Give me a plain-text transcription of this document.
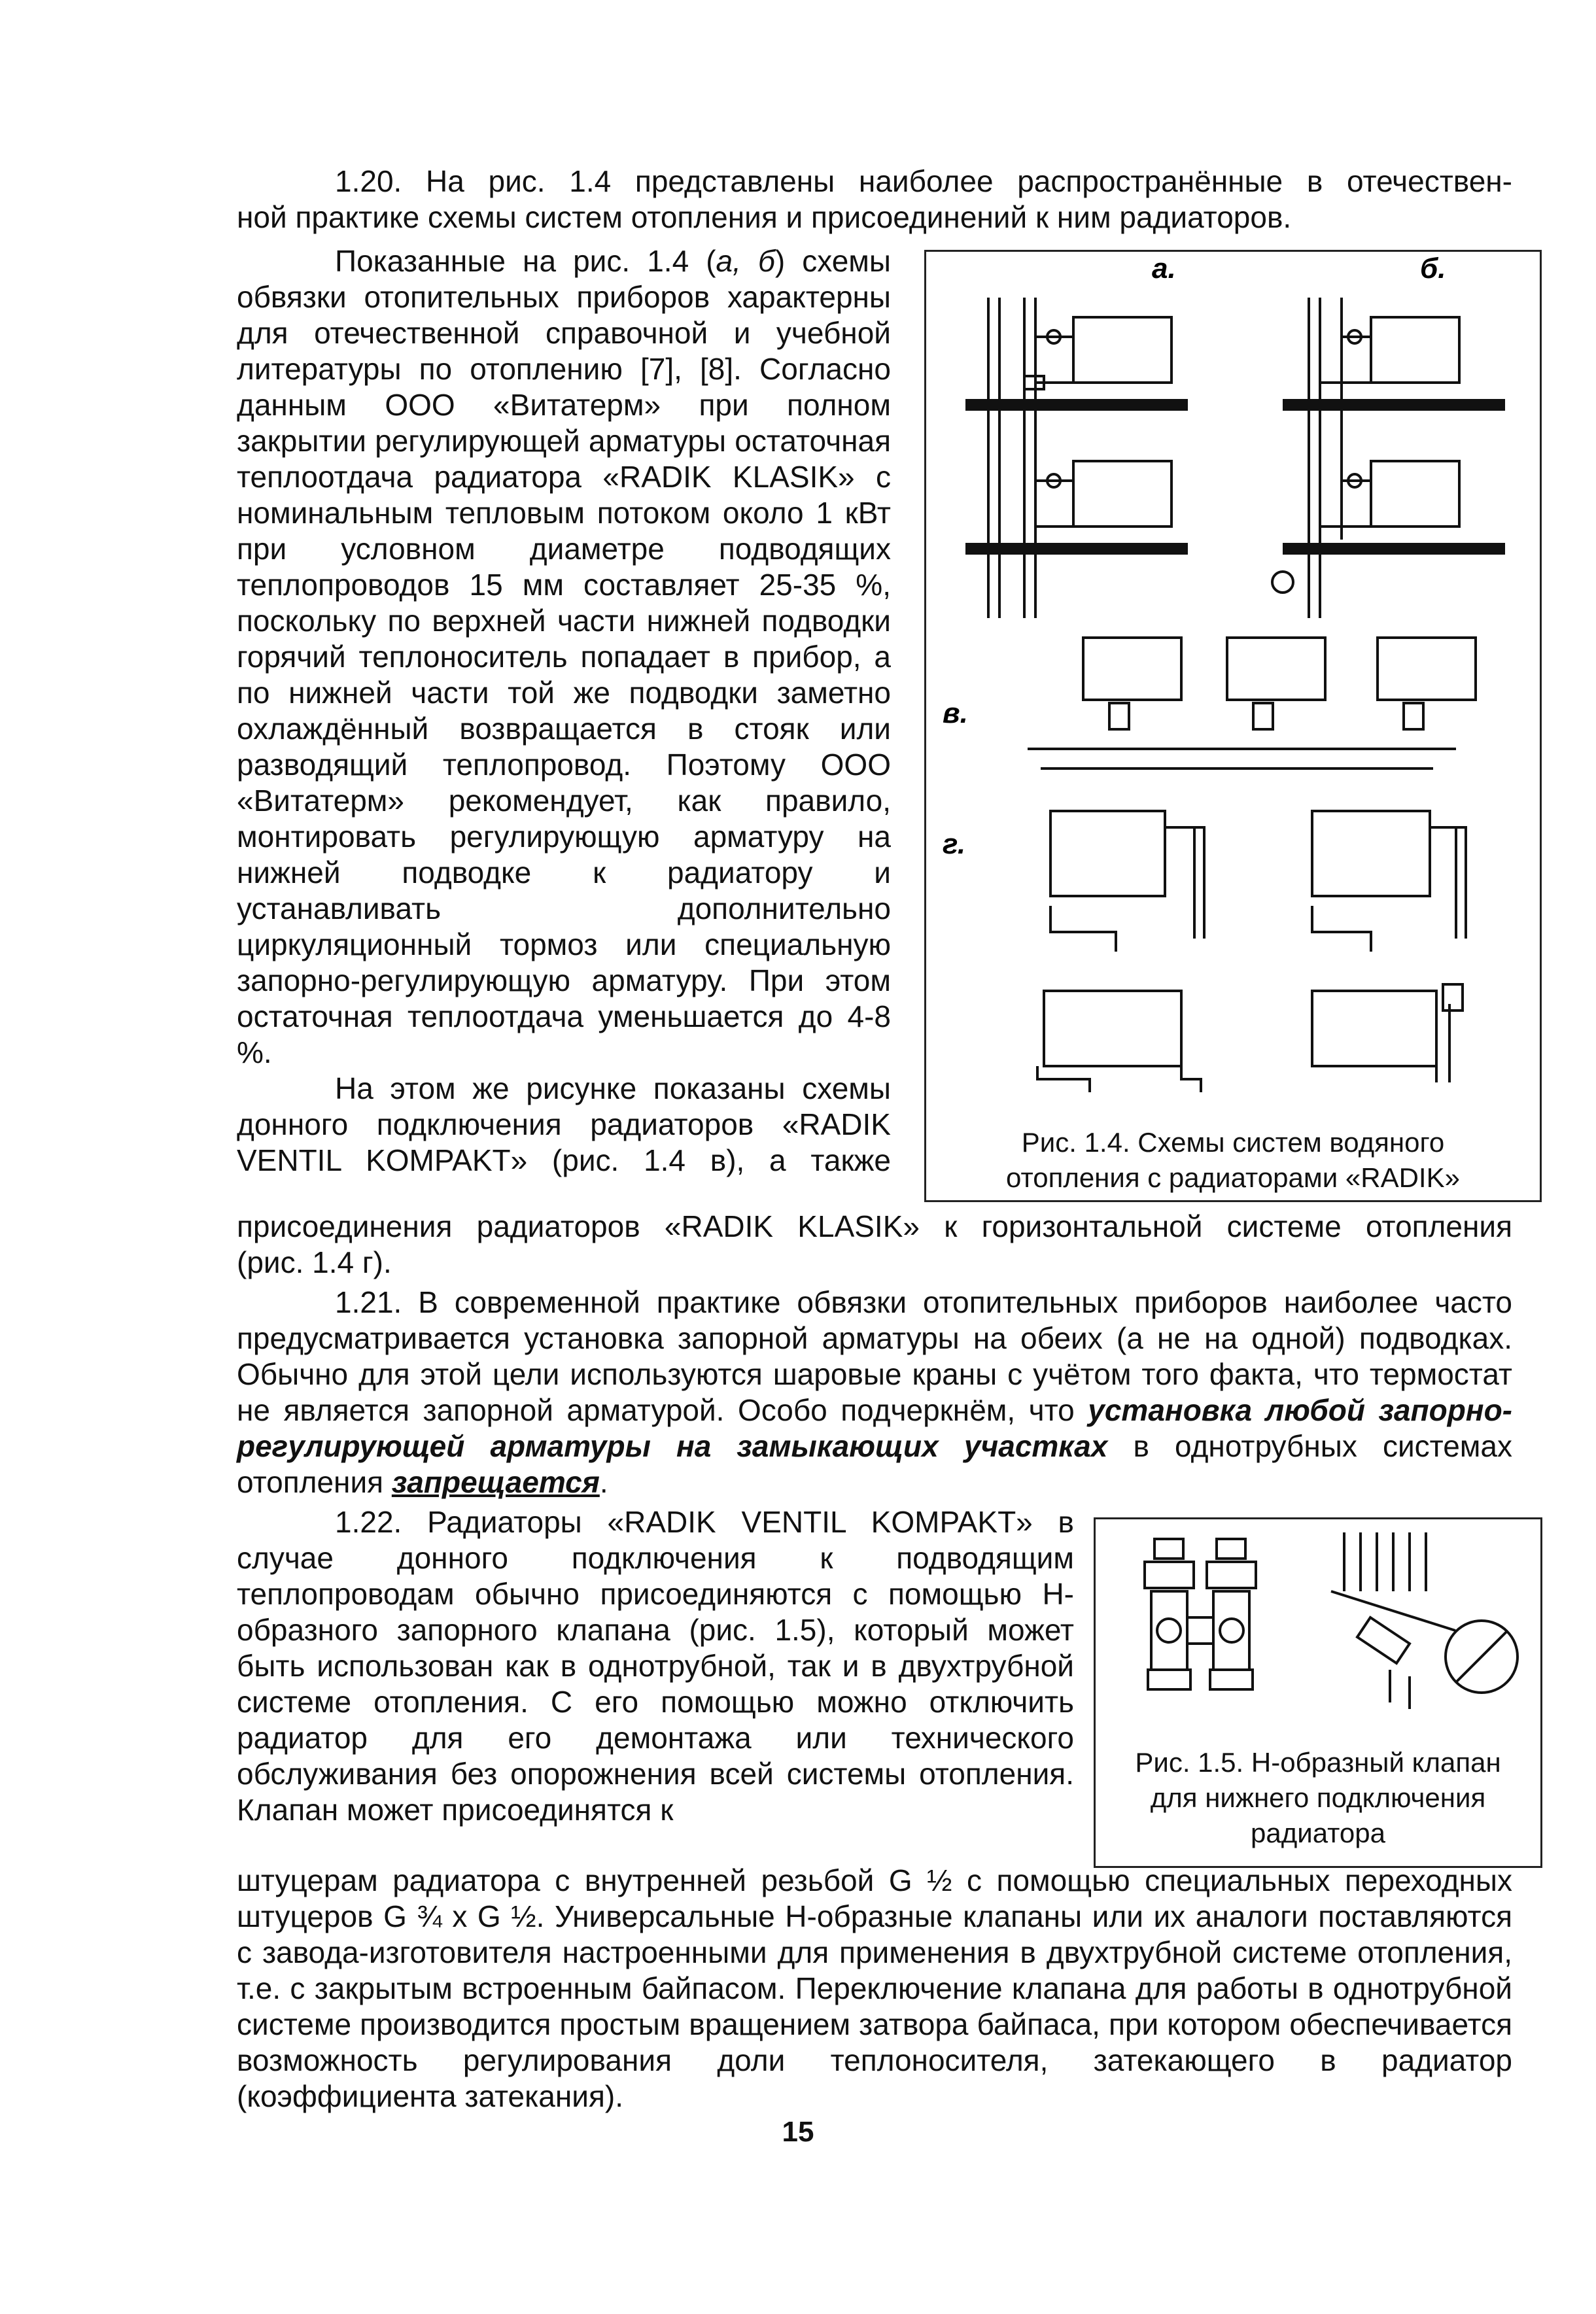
1.20. На рис. 1.4 представлены наиболее распространённые в отечествен-

ной практике схемы систем отопления и присоединений к ним радиаторов.

Показанные на рис. 1.4 (а, б) схемы обвязки отопительных приборов характерны для отечественной справочной и учебной литературы по отоплению [7], [8]. Согласно данным ООО «Витатерм» при полном закрытии регулирующей арматуры остаточная теплоотдача радиатора «RADIK KLASIK» с номинальным тепловым потоком около 1 кВт при условном диаметре подводящих теплопроводов 15 мм составляет 25-35 %, поскольку по верхней части нижней подводки горячий теплоноситель попадает в прибор, а по нижней части той же подводки заметно охлаждённый возвращается в стояк или разводящий теплопровод. Поэтому ООО «Витатерм» рекомендует, как правило, монтировать регулирующую арматуру на нижней подводке к радиатору и устанавливать дополнительно циркуляционный тормоз или специальную запорно-регулирующую арматуру. При этом остаточная теплоотдача уменьшается до 4-8 %.

На этом же рисунке показаны схемы

донного подключения радиаторов «RADIK

VENTIL KOMPAKT» (рис. 1.4 в), а также

а.	б.
в.
г.
Рис. 1.4. Схемы систем водяного
отопления с радиаторами «RADIK»

присоединения радиаторов «RADIK KLASIK» к горизонтальной системе отопления

(рис. 1.4 г).

1.21. В современной практике обвязки отопительных приборов наиболее часто предусматривается установка запорной арматуры на обеих (а не на одной) подводках. Обычно для этой цели используются шаровые краны с учётом того факта, что термостат не является запорной арматурой. Особо подчеркнём, что установка любой запорно-регулирующей арматуры на замыкающих участках в однотрубных системах отопления запрещается.

1.22. Радиаторы «RADIK VENTIL KOMPAKT» в случае донного подключения к подводящим теплопроводам обычно присоединяются с помощью Н-образного запорного клапана (рис. 1.5), который может быть использован как в однотрубной, так и в двухтрубной системе отопления. С его помощью можно отключить радиатор для его демонтажа или технического обслуживания без опорожнения всей системы отопления. Клапан может присоединятся к

Рис. 1.5. Н-образный клапан
для нижнего подключения
радиатора

штуцерам радиатора с внутренней резьбой G ½ с помощью специальных переходных штуцеров G ¾ x G ½. Универсальные Н-образные клапаны или их аналоги поставляются с завода-изготовителя настроенными для применения в двухтрубной системе отопления, т.е. с закрытым встроенным байпасом. Переключение клапана для работы в однотрубной системе производится простым вращением затвора байпаса, при котором обеспечивается возможность регулирования доли теплоносителя, затекающего в радиатор (коэффициента затекания).

15
